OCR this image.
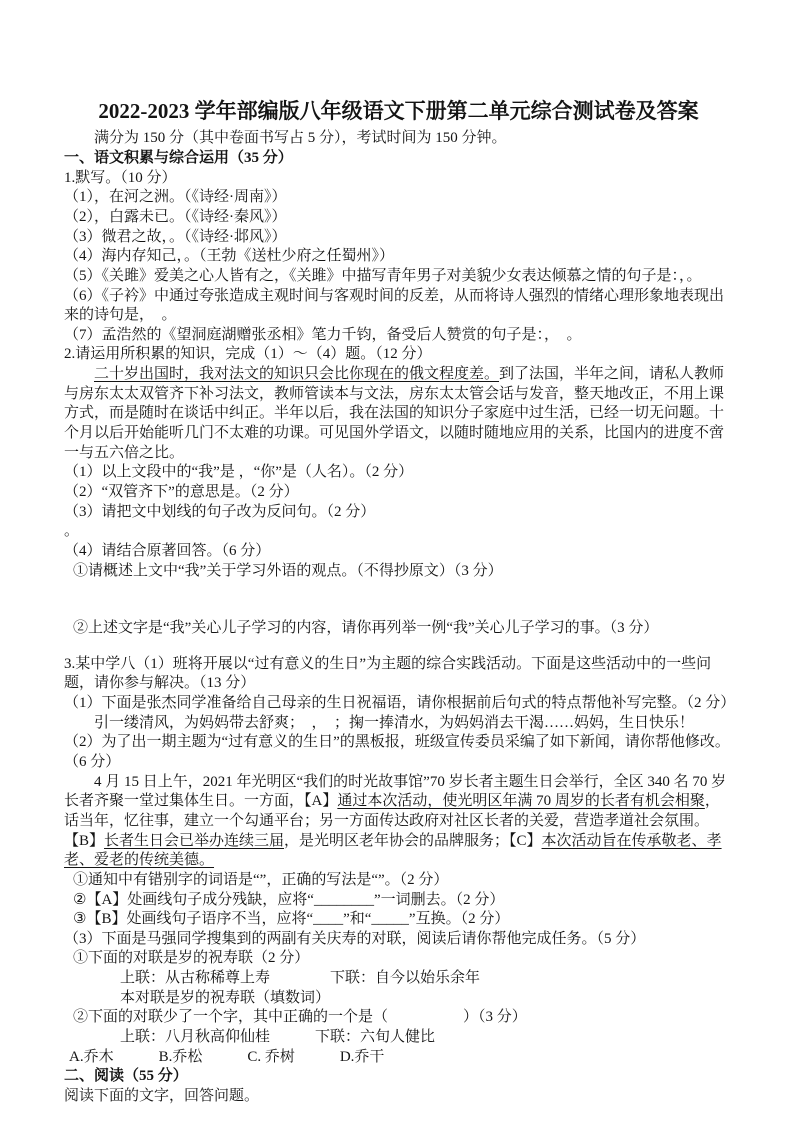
2022-2023 学年部编版八年级语文下册第二单元综合测试卷及答案

满分为 150 分（其中卷面书写占 5 分），考试时间为 150 分钟。

一、语文积累与综合运用（35 分）

1.默写。（10 分）

（1），在河之洲。（《诗经·周南》）

（2），白露未已。（《诗经·秦风》）

（3）微君之故，。（《诗经·邶风》）

（4）海内存知己，。（王勃《送杜少府之任蜀州》）

（5）《关雎》爱美之心人皆有之，《关雎》中描写青年男子对美貌少女表达倾慕之情的句子是：，。

（6）《子衿》中通过夸张造成主观时间与客观时间的反差，从而将诗人强烈的情绪心理形象地表现出来的诗句是，　。

（7）孟浩然的《望洞庭湖赠张丞相》笔力千钧，备受后人赞赏的句子是：，　。

2.请运用所积累的知识，完成（1）～（4）题。（12 分）

二十岁出国时，我对法文的知识只会比你现在的俄文程度差。到了法国，半年之间，请私人教师与房东太太双管齐下补习法文，教师管读本与文法，房东太太管会话与发音，整天地改正，不用上课方式，而是随时在谈话中纠正。半年以后，我在法国的知识分子家庭中过生活，已经一切无问题。十个月以后开始能听几门不太难的功课。可见国外学语文，以随时随地应用的关系，比国内的进度不啻一与五六倍之比。

（1）以上文段中的“我”是 ，“你”是（人名）。（2 分）

（2）“双管齐下”的意思是。（2 分）

（3）请把文中划线的句子改为反问句。（2 分）

。

（4）请结合原著回答。（6 分）

①请概述上文中“我”关于学习外语的观点。（不得抄原文）（3 分）

②上述文字是“我”关心儿子学习的内容，请你再列举一例“我”关心儿子学习的事。（3 分）

3.某中学八（1）班将开展以“过有意义的生日”为主题的综合实践活动。下面是这些活动中的一些问题，请你参与解决。（13 分）

（1）下面是张杰同学准备给自己母亲的生日祝福语，请你根据前后句式的特点帮他补写完整。（2 分）

引一缕清风，为妈妈带去舒爽；　，　；掬一捧清水，为妈妈消去干渴……妈妈，生日快乐！

（2）为了出一期主题为“过有意义的生日”的黑板报，班级宣传委员采编了如下新闻，请你帮他修改。（6 分）

4 月 15 日上午，2021 年光明区“我们的时光故事馆”70 岁长者主题生日会举行，全区 340 名 70 岁长者齐聚一堂过集体生日。一方面，【A】通过本次活动，使光明区年满 70 周岁的长者有机会相聚，话当年，忆往事，建立一个勾通平台；另一方面传达政府对社区长者的关爱，营造孝道社会氛围。【B】长者生日会已举办连续三届，是光明区老年协会的品牌服务；【C】本次活动旨在传承敬老、孝老、爱老的传统美德。

①通知中有错别字的词语是“”，正确的写法是“”。（2 分）

②【A】处画线句子成分残缺，应将“________”一词删去。（2 分）

③【B】处画线句子语序不当，应将“____”和“_____”互换。（2 分）

（3）下面是马强同学搜集到的两副有关庆寿的对联，阅读后请你帮他完成任务。（5 分）

①下面的对联是岁的祝寿联（2 分）

上联：从古称稀尊上寿　　　　下联：自今以始乐余年

本对联是岁的祝寿联（填数词）

②下面的对联少了一个字，其中正确的一个是（　　　　　）（3 分）

上联：八月秋高仰仙桂　　　下联：六旬人健比

A.乔木　　　B.乔松　　　C. 乔树　　　D.乔干

二、阅读（55 分）

阅读下面的文字，回答问题。
